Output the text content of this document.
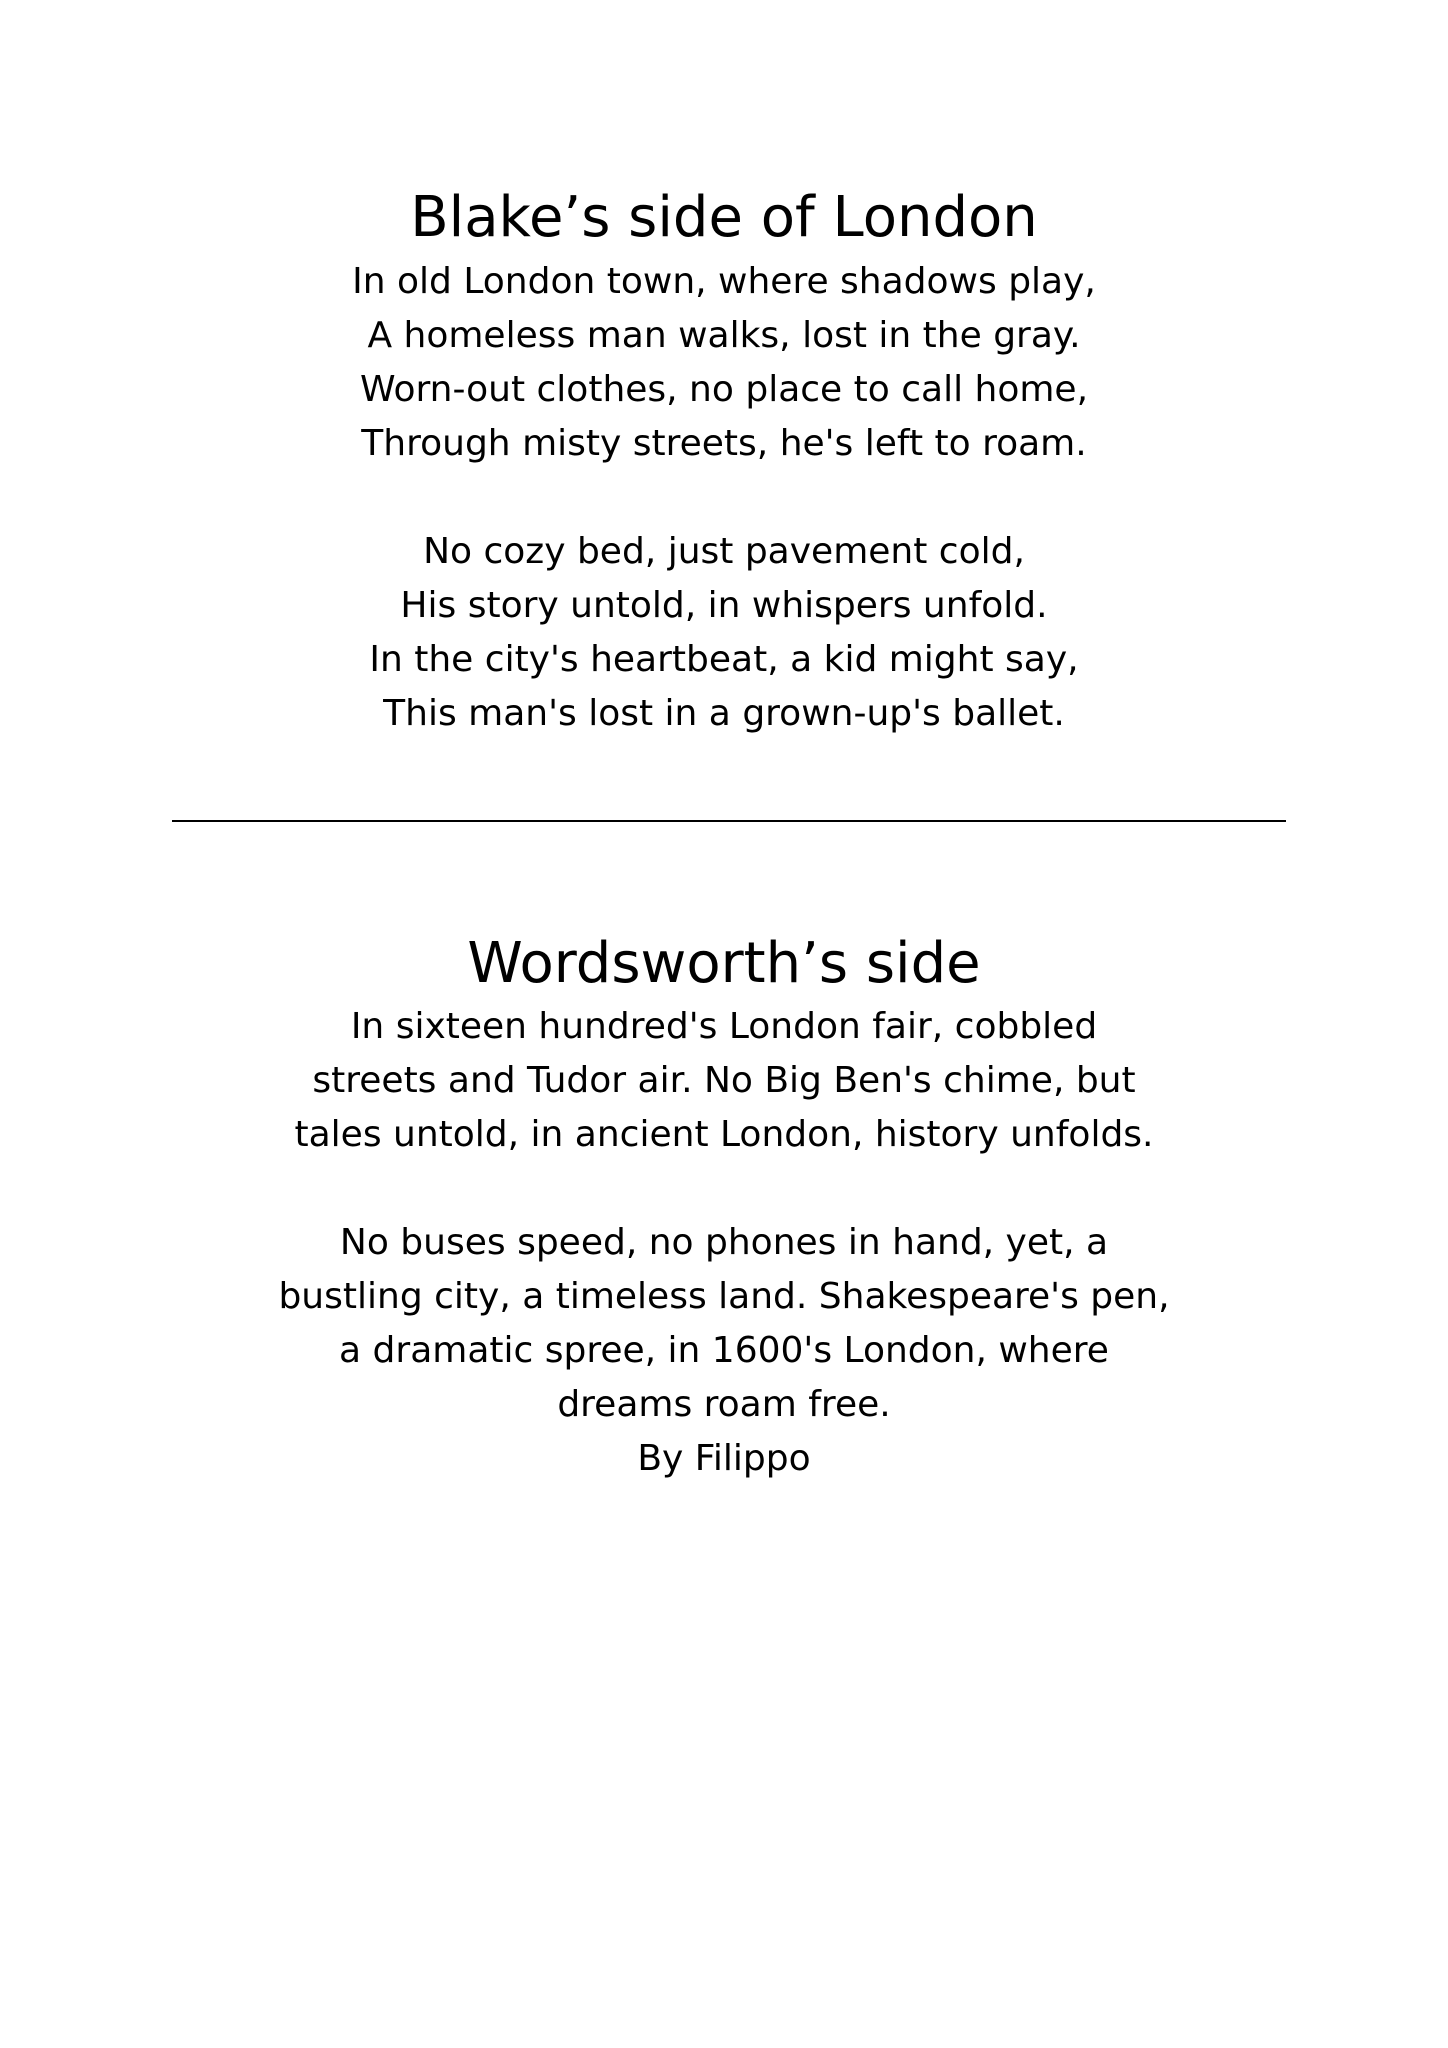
Blake’s side of London
In old London town, where shadows play,
A homeless man walks, lost in the gray.
Worn-out clothes, no place to call home,
Through misty streets, he's left to roam.
No cozy bed, just pavement cold,
His story untold, in whispers unfold.
In the city's heartbeat, a kid might say,
This man's lost in a grown-up's ballet.
Wordsworth’s side
In sixteen hundred's London fair, cobbled
streets and Tudor air. No Big Ben's chime, but
tales untold, in ancient London, history unfolds.
No buses speed, no phones in hand, yet, a
bustling city, a timeless land. Shakespeare's pen,
a dramatic spree, in 1600's London, where
dreams roam free.
By Filippo
